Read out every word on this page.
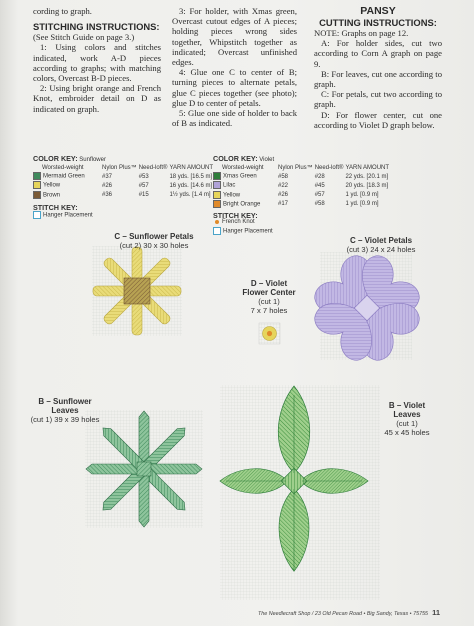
cording to graph.

STITCHING INSTRUCTIONS:

(See Stitch Guide on page 3.)

1: Using colors and stitches indicated, work A-D pieces according to graphs; with matching colors, Overcast B-D pieces.

2: Using bright orange and French Knot, embroider detail on D as indicated on graph.

3: For holder, with Xmas green, Overcast cutout edges of A pieces; holding pieces wrong sides together, Whipstitch together as indicated; Overcast unfinished edges.

4: Glue one C to center of B; turning pieces to alternate petals, glue C pieces together (see photo); glue D to center of petals.

5: Glue one side of holder to back of B as indicated.

PANSY

CUTTING INSTRUCTIONS:

NOTE: Graphs on page 12.

A: For holder sides, cut two according to Corn A graph on page 9.

B: For leaves, cut one according to graph.

C: For petals, cut two according to graph.

D: For flower center, cut one according to Violet D graph below.

COLOR KEY: Sunflower
Worsted-weight	Nylon Plus™	Need-loft®	YARN AMOUNT
Mermaid Green	#37	#53	18 yds. [16.5 m]
Yellow	#26	#57	16 yds. [14.6 m]
Brown	#36	#15	1½ yds. [1.4 m]
STITCH KEY:
Hanger Placement
COLOR KEY: Violet
Worsted-weight	Nylon Plus™	Need-loft®	YARN AMOUNT
Xmas Green	#58	#28	22 yds. [20.1 m]
Lilac	#22	#45	20 yds. [18.3 m]
Yellow	#26	#57	1 yd. [0.9 m]
Bright Orange	#17	#58	1 yd. [0.9 m]
STITCH KEY:
French Knot
Hanger Placement
C – Sunflower Petals
(cut 2) 30 x 30 holes
C – Violet Petals
(cut 3) 24 x 24 holes
D – Violet
Flower Center
(cut 1)
7 x 7 holes
B – Sunflower
Leaves
(cut 1) 39 x 39 holes
B – Violet
Leaves
(cut 1)
45 x 45 holes
The Needlecraft Shop / 23 Old Pecan Road • Big Sandy, Texas • 75755 11
